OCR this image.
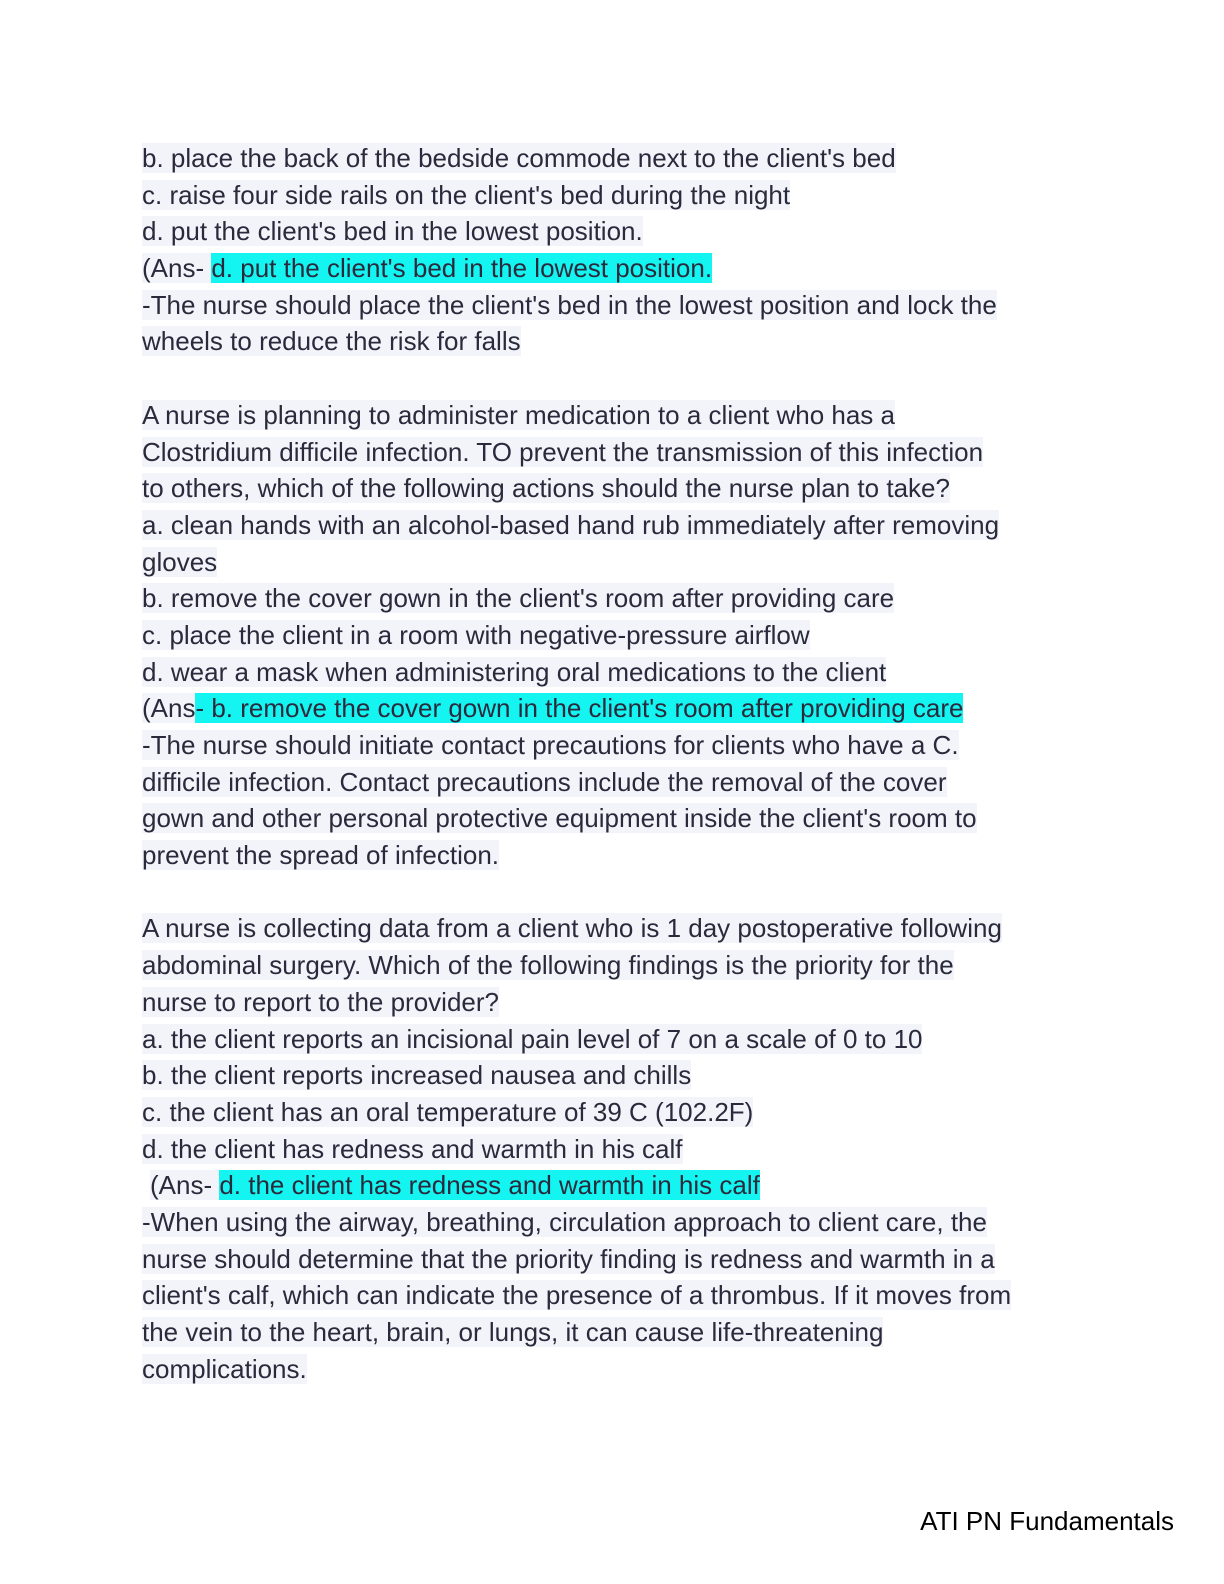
b. place the back of the bedside commode next to the client's bed
c. raise four side rails on the client's bed during the night
d. put the client's bed in the lowest position.
(Ans- d. put the client's bed in the lowest position.
-The nurse should place the client's bed in the lowest position and lock the
wheels to reduce the risk for falls
A nurse is planning to administer medication to a client who has a
Clostridium difficile infection. TO prevent the transmission of this infection
to others, which of the following actions should the nurse plan to take?
a. clean hands with an alcohol-based hand rub immediately after removing
gloves
b. remove the cover gown in the client's room after providing care
c. place the client in a room with negative-pressure airflow
d. wear a mask when administering oral medications to the client
(Ans- b. remove the cover gown in the client's room after providing care
-The nurse should initiate contact precautions for clients who have a C.
difficile infection. Contact precautions include the removal of the cover
gown and other personal protective equipment inside the client's room to
prevent the spread of infection.
A nurse is collecting data from a client who is 1 day postoperative following
abdominal surgery. Which of the following findings is the priority for the
nurse to report to the provider?
a. the client reports an incisional pain level of 7 on a scale of 0 to 10
b. the client reports increased nausea and chills
c. the client has an oral temperature of 39 C (102.2F)
d. the client has redness and warmth in his calf
(Ans- d. the client has redness and warmth in his calf
-When using the airway, breathing, circulation approach to client care, the
nurse should determine that the priority finding is redness and warmth in a
client's calf, which can indicate the presence of a thrombus. If it moves from
the vein to the heart, brain, or lungs, it can cause life-threatening
complications.
ATI PN Fundamentals
